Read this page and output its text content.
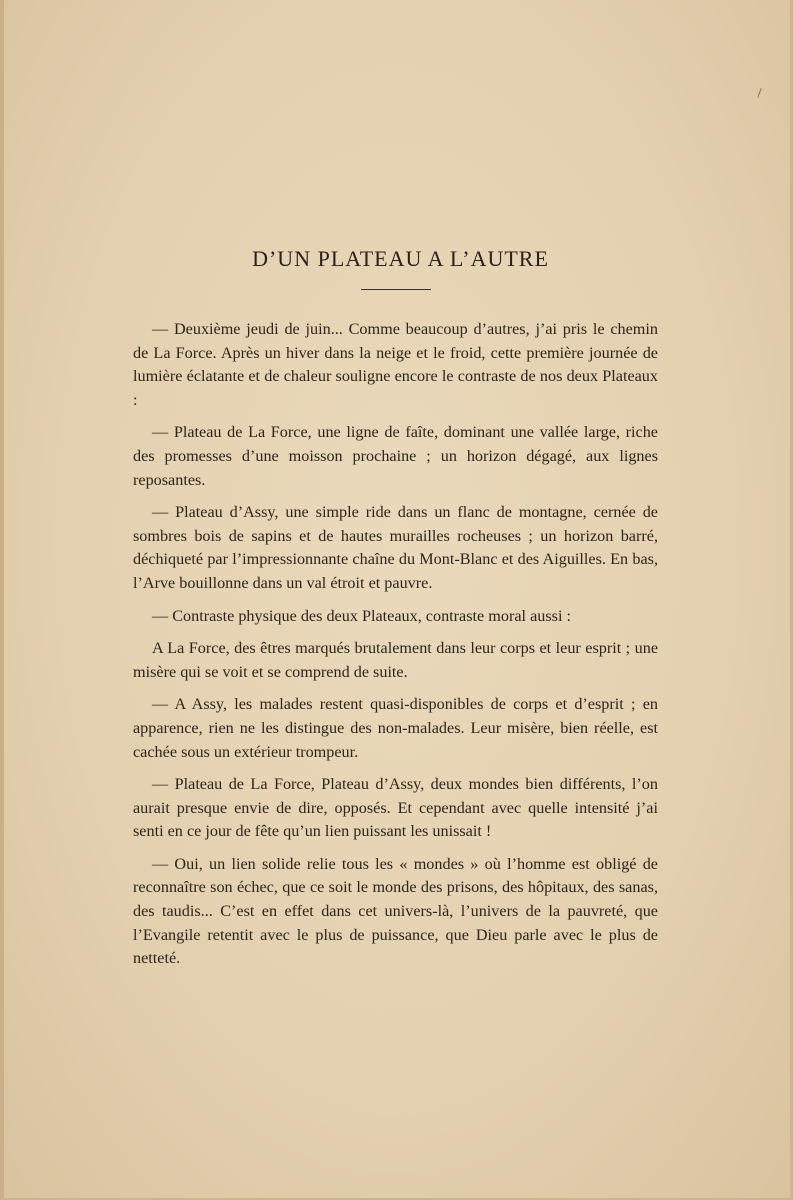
D’UN PLATEAU A L’AUTRE

— Deuxième jeudi de juin... Comme beaucoup d’autres, j’ai pris le chemin de La Force. Après un hiver dans la neige et le froid, cette première journée de lumière éclatante et de chaleur souligne encore le contraste de nos deux Plateaux :

— Plateau de La Force, une ligne de faîte, dominant une vallée large, riche des promesses d’une moisson prochaine ; un horizon dégagé, aux lignes reposantes.

— Plateau d’Assy, une simple ride dans un flanc de montagne, cernée de sombres bois de sapins et de hautes murailles rocheuses ; un horizon barré, déchiqueté par l’impressionnante chaîne du Mont-Blanc et des Aiguilles. En bas, l’Arve bouillonne dans un val étroit et pauvre.

— Contraste physique des deux Plateaux, contraste moral aussi :

A La Force, des êtres marqués brutalement dans leur corps et leur esprit ; une misère qui se voit et se comprend de suite.

— A Assy, les malades restent quasi-disponibles de corps et d’esprit ; en apparence, rien ne les distingue des non-malades. Leur misère, bien réelle, est cachée sous un extérieur trompeur.

— Plateau de La Force, Plateau d’Assy, deux mondes bien différents, l’on aurait presque envie de dire, opposés. Et cependant avec quelle intensité j’ai senti en ce jour de fête qu’un lien puissant les unissait !

— Oui, un lien solide relie tous les « mondes » où l’homme est obligé de reconnaître son échec, que ce soit le monde des prisons, des hôpitaux, des sanas, des taudis... C’est en effet dans cet univers-là, l’univers de la pauvreté, que l’Evangile retentit avec le plus de puissance, que Dieu parle avec le plus de netteté.
